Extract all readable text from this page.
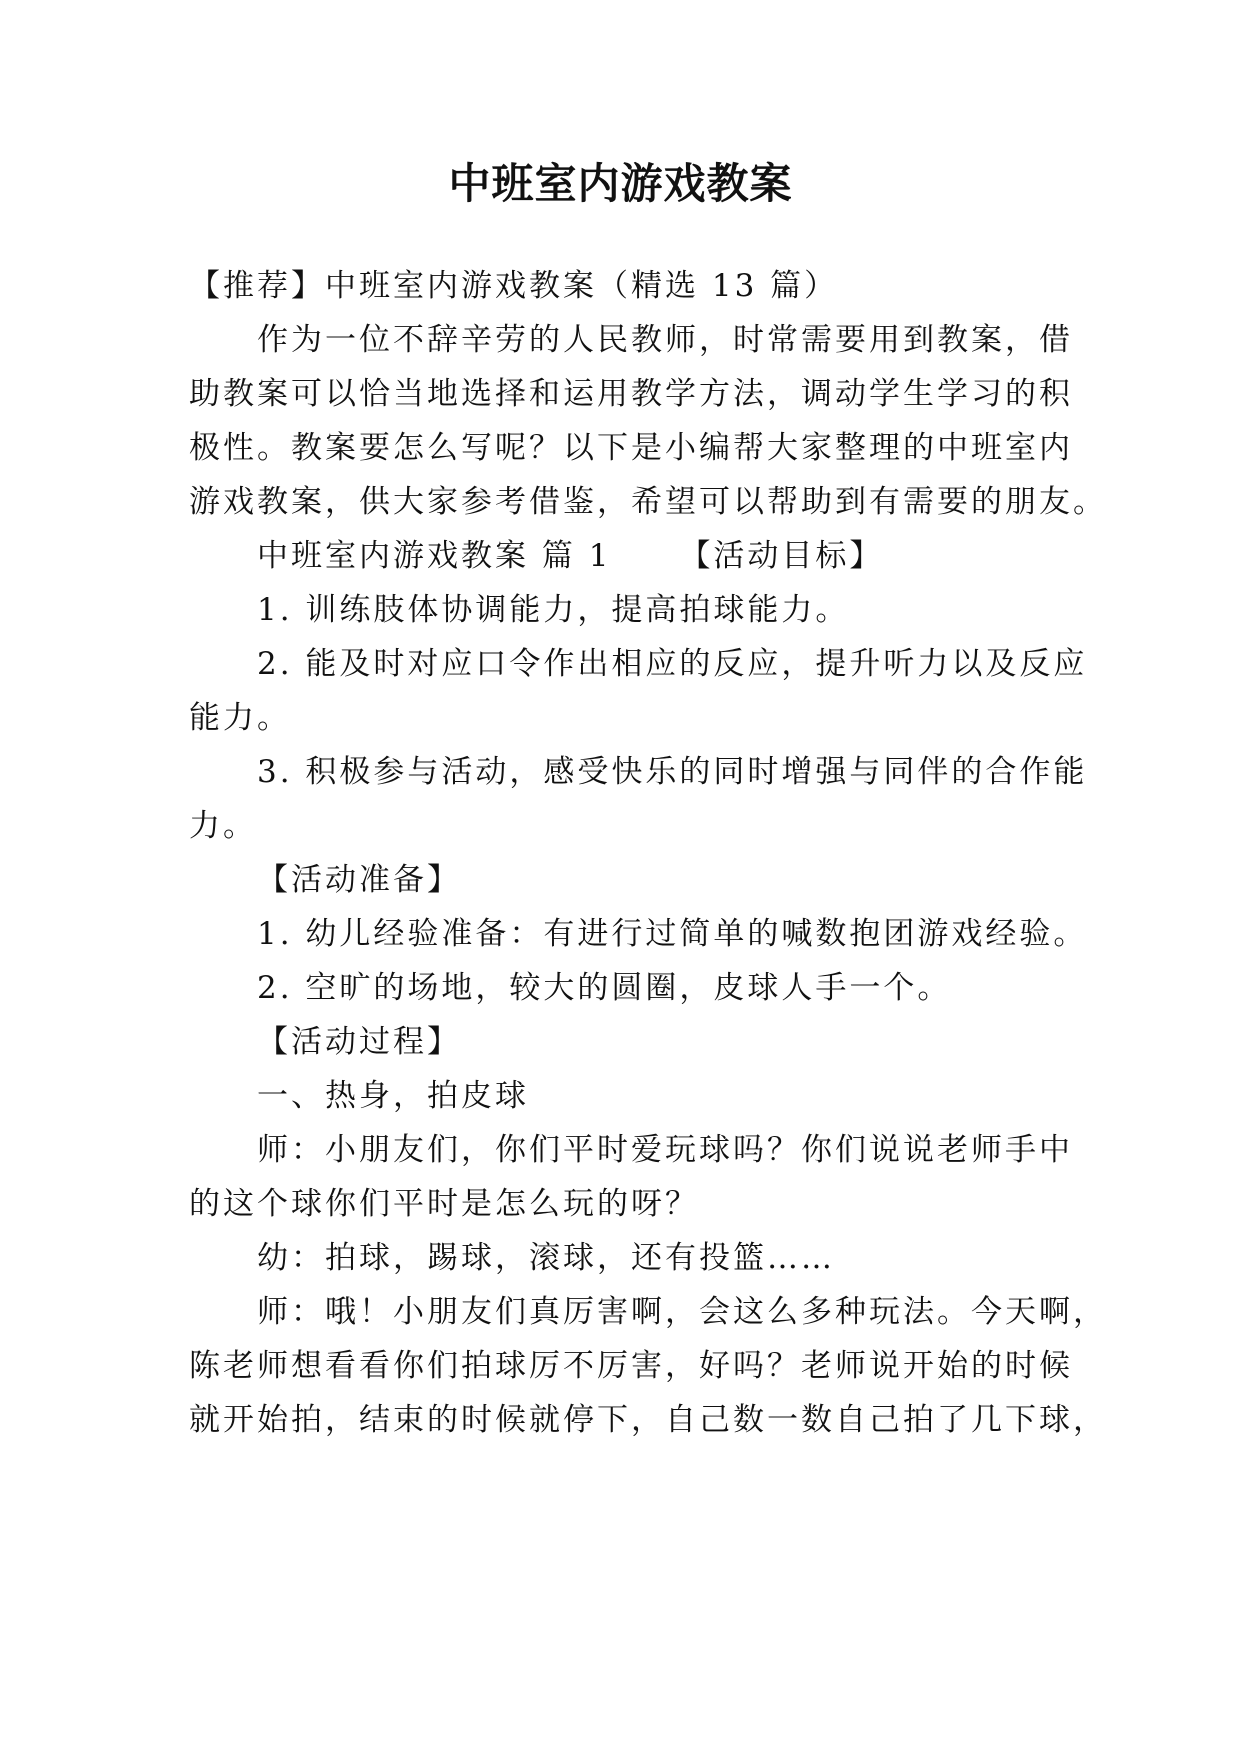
中班室内游戏教案
【推荐】中班室内游戏教案（精选 13 篇）
作为一位不辞辛劳的人民教师，时常需要用到教案，借
助教案可以恰当地选择和运用教学方法，调动学生学习的积
极性。教案要怎么写呢？以下是小编帮大家整理的中班室内
游戏教案，供大家参考借鉴，希望可以帮助到有需要的朋友。
中班室内游戏教案 篇 1 【活动目标】
1. 训练肢体协调能力，提高拍球能力。
2. 能及时对应口令作出相应的反应，提升听力以及反应
能力。
3. 积极参与活动，感受快乐的同时增强与同伴的合作能
力。
【活动准备】
1. 幼儿经验准备：有进行过简单的喊数抱团游戏经验。
2. 空旷的场地，较大的圆圈，皮球人手一个。
【活动过程】
一、热身，拍皮球
师：小朋友们，你们平时爱玩球吗？你们说说老师手中
的这个球你们平时是怎么玩的呀？
幼：拍球，踢球，滚球，还有投篮……
师：哦！小朋友们真厉害啊，会这么多种玩法。今天啊，
陈老师想看看你们拍球厉不厉害，好吗？老师说开始的时候
就开始拍，结束的时候就停下，自己数一数自己拍了几下球，
